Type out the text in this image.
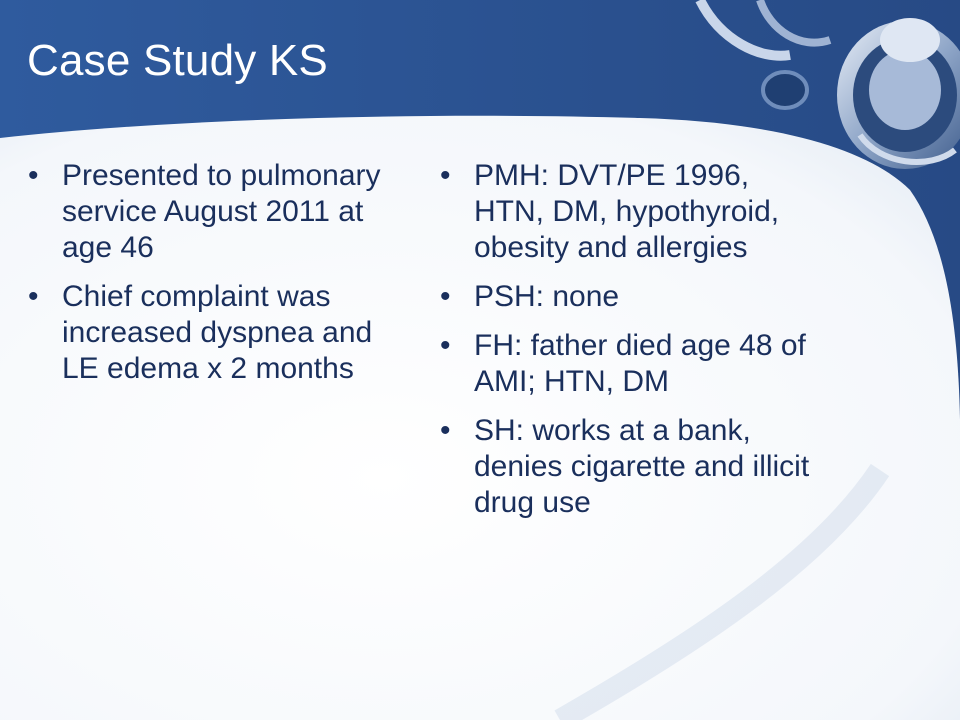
Case Study KS
• Presented to pulmonary service August 2011 at age 46
• Chief complaint was increased dyspnea and LE edema x 2 months
• PMH: DVT/PE 1996, HTN, DM, hypothyroid, obesity and allergies
• PSH: none
• FH: father died age 48 of AMI; HTN, DM
• SH: works at a bank, denies cigarette and illicit drug use
